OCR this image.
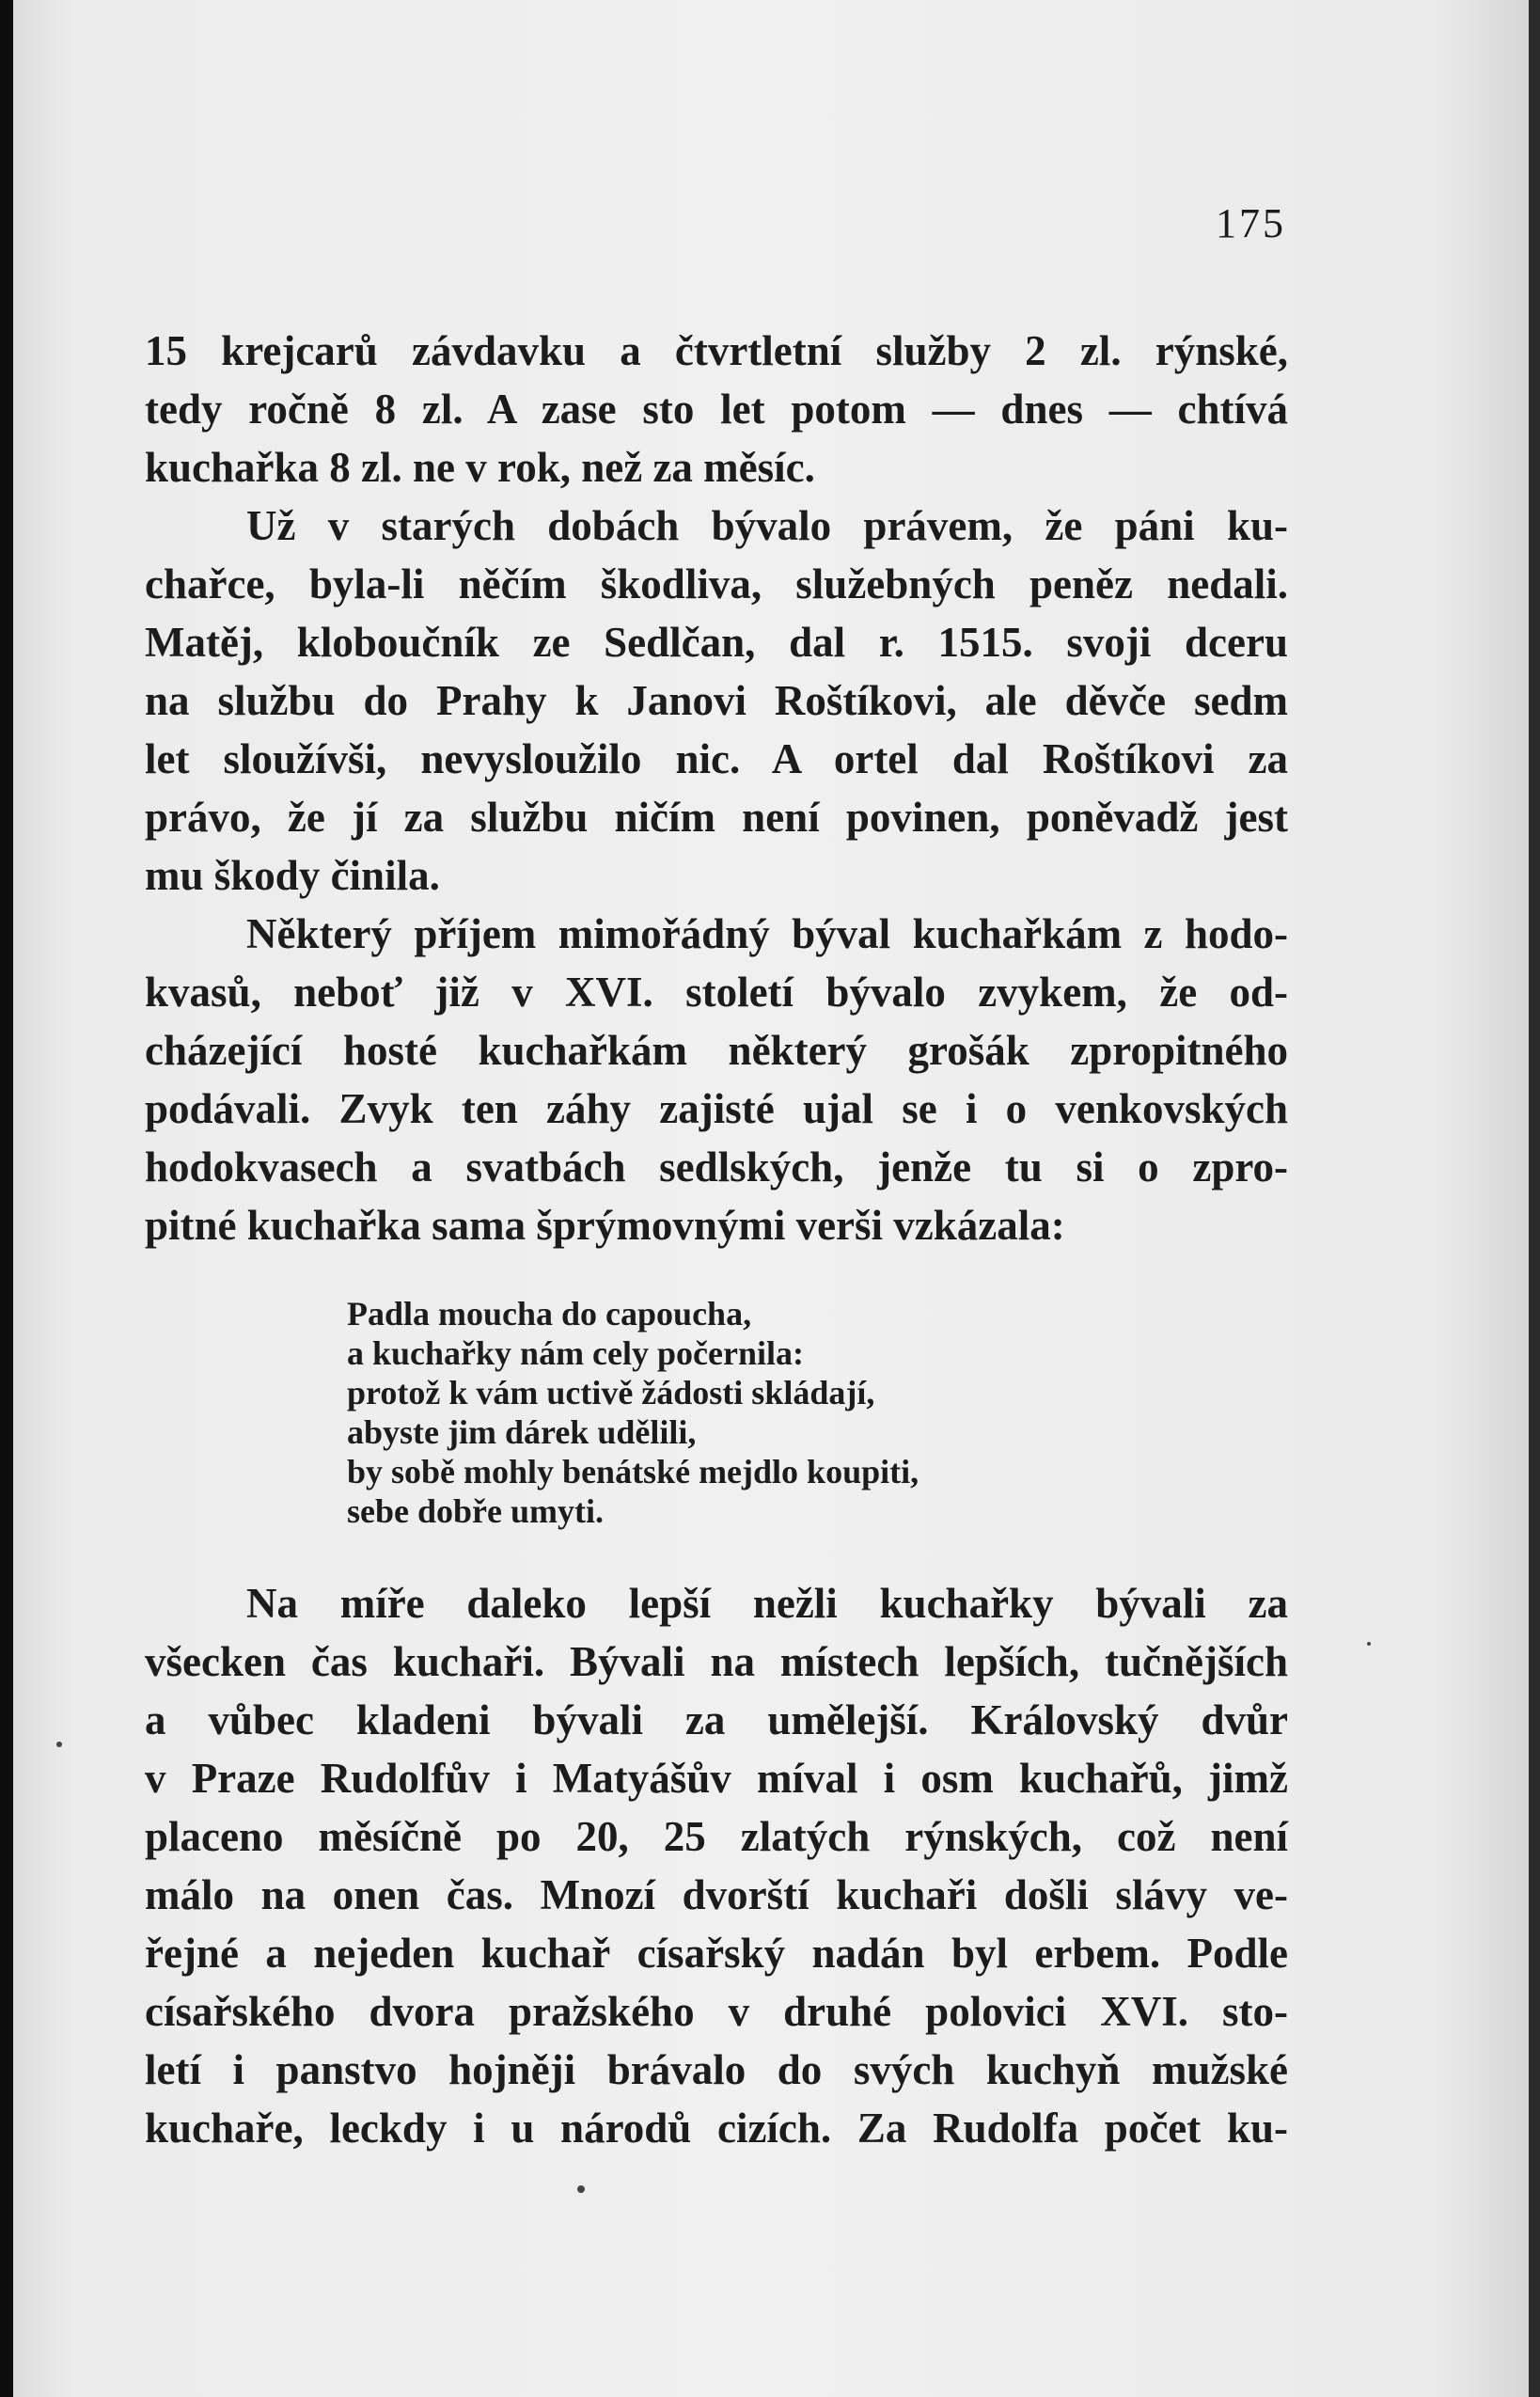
175
15 krejcarů závdavku a čtvrtletní služby 2 zl. rýnské,
tedy ročně 8 zl. A zase sto let potom — dnes — chtívá
kuchařka 8 zl. ne v rok, než za měsíc.
Už v starých dobách bývalo právem, že páni ku-
chařce, byla-li něčím škodliva, služebných peněz nedali.
Matěj, kloboučník ze Sedlčan, dal r. 1515. svoji dceru
na službu do Prahy k Janovi Roštíkovi, ale děvče sedm
let sloužívši, nevysloužilo nic. A ortel dal Roštíkovi za
právo, že jí za službu ničím není povinen, poněvadž jest
mu škody činila.
Některý příjem mimořádný býval kuchařkám z hodo-
kvasů, neboť již v XVI. století bývalo zvykem, že od-
cházející hosté kuchařkám některý grošák zpropitného
podávali. Zvyk ten záhy zajisté ujal se i o venkovských
hodokvasech a svatbách sedlských, jenže tu si o zpro-
pitné kuchařka sama šprýmovnými verši vzkázala:
Padla moucha do capoucha,
a kuchařky nám cely počernila:
protož k vám uctivě žádosti skládají,
abyste jim dárek udělili,
by sobě mohly benátské mejdlo koupiti,
sebe dobře umyti.
Na míře daleko lepší nežli kuchařky bývali za
všecken čas kuchaři. Bývali na místech lepších, tučnějších
a vůbec kladeni bývali za umělejší. Královský dvůr
v Praze Rudolfův i Matyášův míval i osm kuchařů, jimž
placeno měsíčně po 20, 25 zlatých rýnských, což není
málo na onen čas. Mnozí dvorští kuchaři došli slávy ve-
řejné a nejeden kuchař císařský nadán byl erbem. Podle
císařského dvora pražského v druhé polovici XVI. sto-
letí i panstvo hojněji brávalo do svých kuchyň mužské
kuchaře, leckdy i u národů cizích. Za Rudolfa počet ku-
